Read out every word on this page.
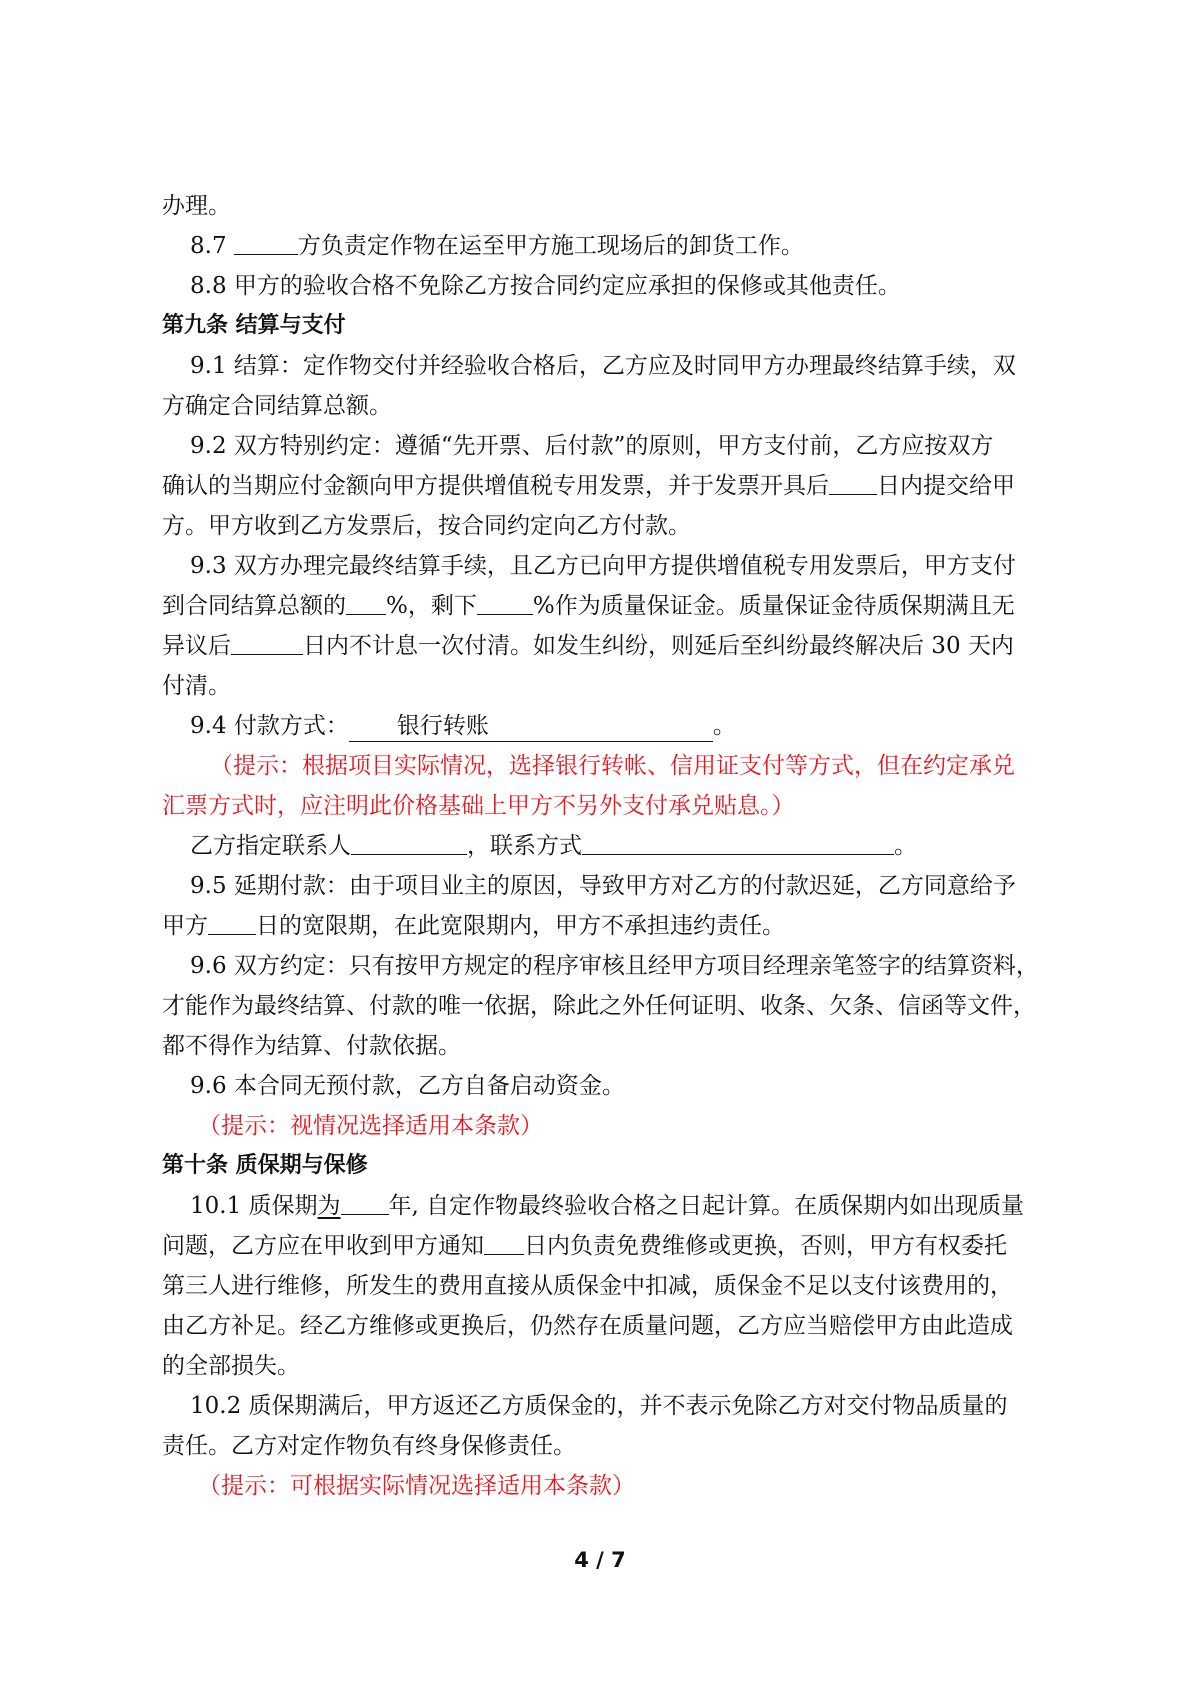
办理。
8.7	方负责定作物在运至甲方施工现场后的卸货工作。
8.8 甲方的验收合格不免除乙方按合同约定应承担的保修或其他责任。
第九条 结算与支付
9.1 结算：定作物交付并经验收合格后，乙方应及时同甲方办理最终结算手续，双
方确定合同结算总额。
9.2 双方特别约定：遵循“先开票、后付款”的原则，甲方支付前，乙方应按双方
确认的当期应付金额向甲方提供增值税专用发票，并于发票开具后 日内提交给甲
方。甲方收到乙方发票后，按合同约定向乙方付款。
9.3 双方办理完最终结算手续，且乙方已向甲方提供增值税专用发票后，甲方支付
到合同结算总额的 %，剩下 %作为质量保证金。质量保证金待质保期满且无
异议后	日内不计息一次付清。如发生纠纷，则延后至纠纷最终解决后 30 天内
付清。
9.4 付款方式： 银行转账	。
（提示：根据项目实际情况，选择银行转帐、信用证支付等方式，但在约定承兑
汇票方式时，应注明此价格基础上甲方不另外支付承兑贴息。）
乙方指定联系人	，联系方式	。
9.5 延期付款：由于项目业主的原因，导致甲方对乙方的付款迟延，乙方同意给予
甲方 日的宽限期，在此宽限期内，甲方不承担违约责任。
9.6 双方约定：只有按甲方规定的程序审核且经甲方项目经理亲笔签字的结算资料，
才能作为最终结算、付款的唯一依据，除此之外任何证明、收条、欠条、信函等文件，
都不得作为结算、付款依据。
9.6 本合同无预付款，乙方自备启动资金。
（提示：视情况选择适用本条款）
第十条 质保期与保修
10.1 质保期为 年, 自定作物最终验收合格之日起计算。在质保期内如出现质量
问题，乙方应在甲收到甲方通知 日内负责免费维修或更换，否则，甲方有权委托
第三人进行维修，所发生的费用直接从质保金中扣减，质保金不足以支付该费用的，
由乙方补足。经乙方维修或更换后，仍然存在质量问题，乙方应当赔偿甲方由此造成
的全部损失。
10.2 质保期满后，甲方返还乙方质保金的，并不表示免除乙方对交付物品质量的
责任。乙方对定作物负有终身保修责任。
（提示：可根据实际情况选择适用本条款）
4 / 7
